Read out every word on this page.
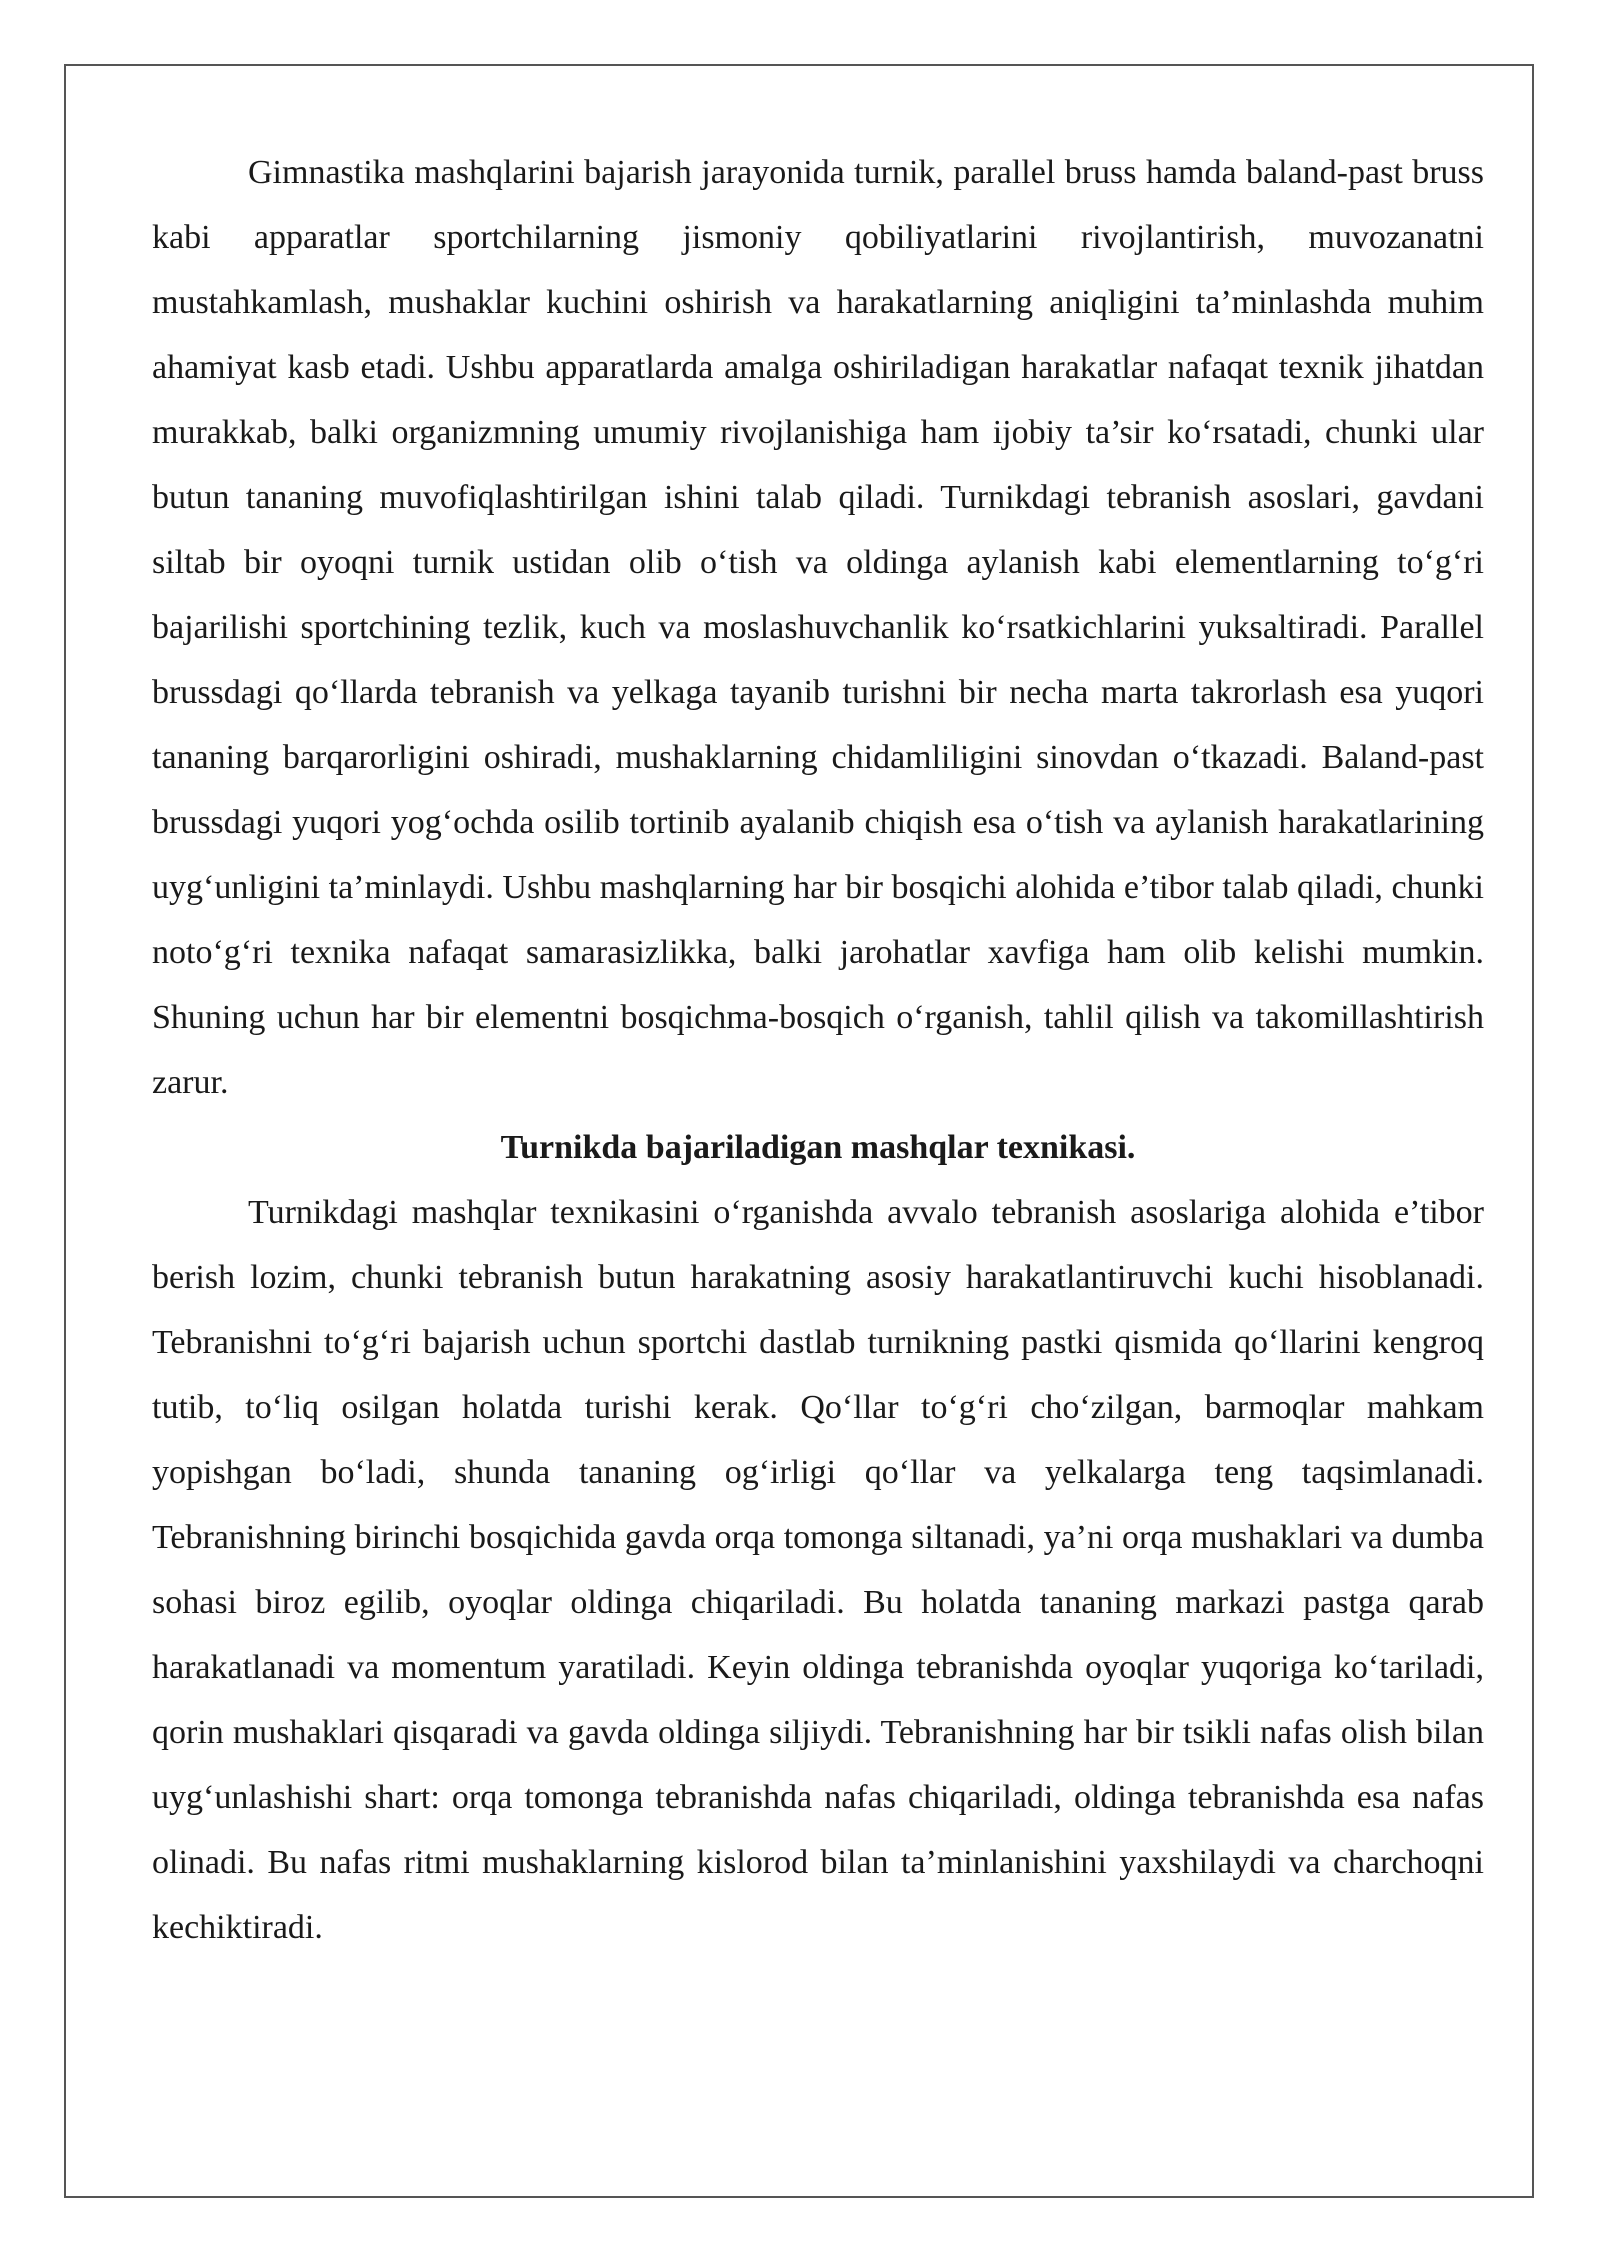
Gimnastika mashqlarini bajarish jarayonida turnik, parallel bruss hamda baland-past bruss kabi apparatlar sportchilarning jismoniy qobiliyatlarini rivojlantirish, muvozanatni mustahkamlash, mushaklar kuchini oshirish va harakatlarning aniqligini ta’minlashda muhim ahamiyat kasb etadi. Ushbu apparatlarda amalga oshiriladigan harakatlar nafaqat texnik jihatdan murakkab, balki organizmning umumiy rivojlanishiga ham ijobiy ta’sir ko‘rsatadi, chunki ular butun tananing muvofiqlashtirilgan ishini talab qiladi. Turnikdagi tebranish asoslari, gavdani siltab bir oyoqni turnik ustidan olib o‘tish va oldinga aylanish kabi elementlarning to‘g‘ri bajarilishi sportchining tezlik, kuch va moslashuvchanlik ko‘rsatkichlarini yuksaltiradi. Parallel brussdagi qo‘llarda tebranish va yelkaga tayanib turishni bir necha marta takrorlash esa yuqori tananing barqarorligini oshiradi, mushaklarning chidamliligini sinovdan o‘tkazadi. Baland-past brussdagi yuqori yog‘ochda osilib tortinib ayalanib chiqish esa o‘tish va aylanish harakatlarining uyg‘unligini ta’minlaydi. Ushbu mashqlarning har bir bosqichi alohida e’tibor talab qiladi, chunki noto‘g‘ri texnika nafaqat samarasizlikka, balki jarohatlar xavfiga ham olib kelishi mumkin. Shuning uchun har bir elementni bosqichma-bosqich o‘rganish, tahlil qilish va takomillashtirish zarur.

Turnikda bajariladigan mashqlar texnikasi.

Turnikdagi mashqlar texnikasini o‘rganishda avvalo tebranish asoslariga alohida e’tibor berish lozim, chunki tebranish butun harakatning asosiy harakatlantiruvchi kuchi hisoblanadi. Tebranishni to‘g‘ri bajarish uchun sportchi dastlab turnikning pastki qismida qo‘llarini kengroq tutib, to‘liq osilgan holatda turishi kerak. Qo‘llar to‘g‘ri cho‘zilgan, barmoqlar mahkam yopishgan bo‘ladi, shunda tananing og‘irligi qo‘llar va yelkalarga teng taqsimlanadi. Tebranishning birinchi bosqichida gavda orqa tomonga siltanadi, ya’ni orqa mushaklari va dumba sohasi biroz egilib, oyoqlar oldinga chiqariladi. Bu holatda tananing markazi pastga qarab harakatlanadi va momentum yaratiladi. Keyin oldinga tebranishda oyoqlar yuqoriga ko‘tariladi, qorin mushaklari qisqaradi va gavda oldinga siljiydi. Tebranishning har bir tsikli nafas olish bilan uyg‘unlashishi shart: orqa tomonga tebranishda nafas chiqariladi, oldinga tebranishda esa nafas olinadi. Bu nafas ritmi mushaklarning kislorod bilan ta’minlanishini yaxshilaydi va charchoqni kechiktiradi.
